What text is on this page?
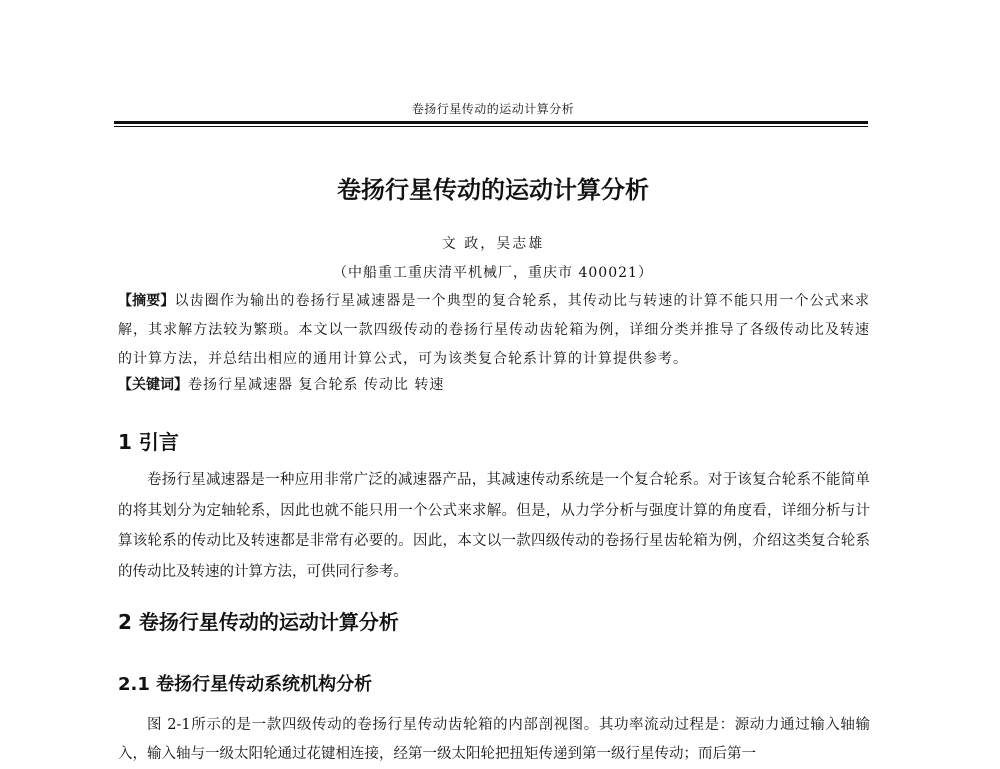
卷扬行星传动的运动计算分析
卷扬行星传动的运动计算分析
文 政，吴志雄
（中船重工重庆清平机械厂，重庆市 400021）
【摘要】以齿圈作为输出的卷扬行星减速器是一个典型的复合轮系，其传动比与转速的计算不能只用一个公式来求解，其求解方法较为繁琐。本文以一款四级传动的卷扬行星传动齿轮箱为例，详细分类并推导了各级传动比及转速的计算方法，并总结出相应的通用计算公式，可为该类复合轮系计算的计算提供参考。
【关键词】卷扬行星减速器 复合轮系 传动比 转速
1 引言
卷扬行星减速器是一种应用非常广泛的减速器产品，其减速传动系统是一个复合轮系。对于该复合轮系不能简单的将其划分为定轴轮系，因此也就不能只用一个公式来求解。但是，从力学分析与强度计算的角度看，详细分析与计算该轮系的传动比及转速都是非常有必要的。因此，本文以一款四级传动的卷扬行星齿轮箱为例，介绍这类复合轮系的传动比及转速的计算方法，可供同行参考。
2 卷扬行星传动的运动计算分析
2.1 卷扬行星传动系统机构分析
图 2-1所示的是一款四级传动的卷扬行星传动齿轮箱的内部剖视图。其功率流动过程是：源动力通过输入轴输入，输入轴与一级太阳轮通过花键相连接，经第一级太阳轮把扭矩传递到第一级行星传动；而后第一
